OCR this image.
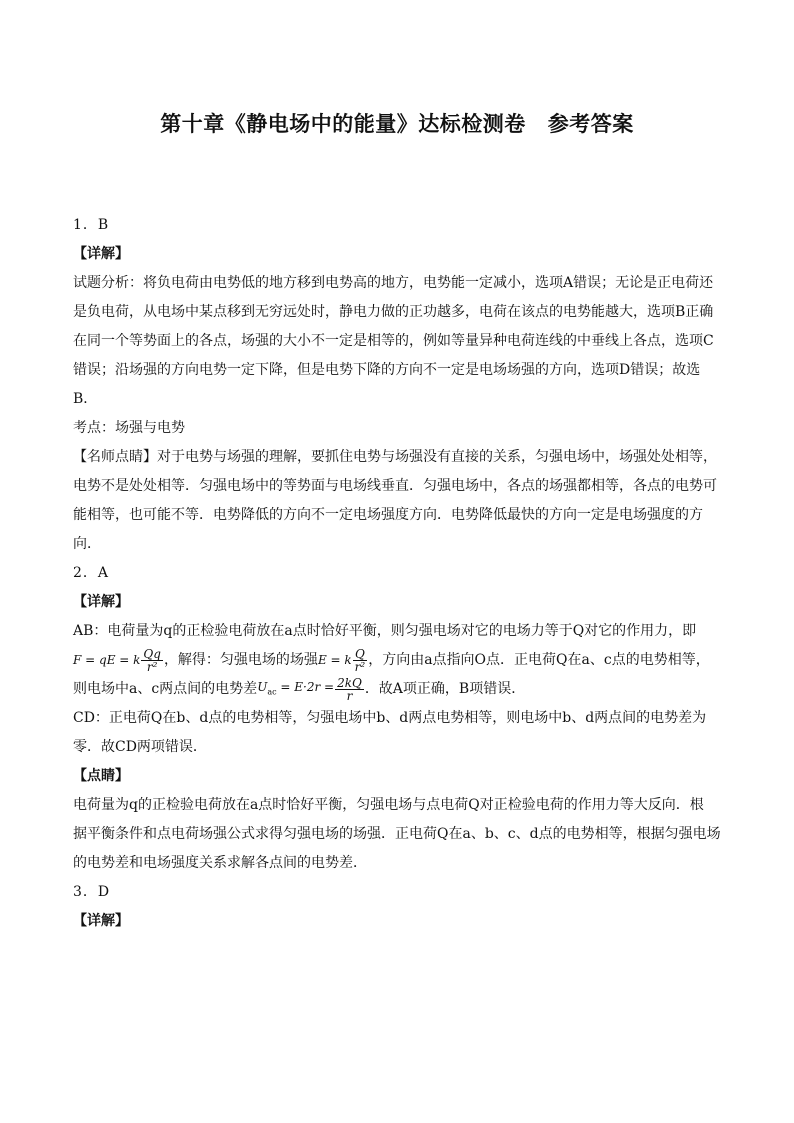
第十章《静电场中的能量》达标检测卷 参考答案

1．B

【详解】

试题分析：将负电荷由电势低的地方移到电势高的地方，电势能一定减小，选项A错误；无论是正电荷还

是负电荷，从电场中某点移到无穷远处时，静电力做的正功越多，电荷在该点的电势能越大，选项B正确

在同一个等势面上的各点，场强的大小不一定是相等的，例如等量异种电荷连线的中垂线上各点，选项C

错误；沿场强的方向电势一定下降，但是电势下降的方向不一定是电场场强的方向，选项D错误；故选

B．

考点：场强与电势

【名师点睛】对于电势与场强的理解，要抓住电势与场强没有直接的关系，匀强电场中，场强处处相等，

电势不是处处相等．匀强电场中的等势面与电场线垂直．匀强电场中，各点的场强都相等，各点的电势可

能相等，也可能不等．电势降低的方向不一定电场强度方向．电势降低最快的方向一定是电场强度的方

向．

2．A

【详解】

AB：电荷量为q的正检验电荷放在a点时恰好平衡，则匀强电场对它的电场力等于Q对它的作用力，即

F = qE = k $\frac{Qq}{\text{r²}}$ ，解得：匀强电场的场强E = k $\frac{Q}{\text{r²}}$ ，方向由a点指向O点．正电荷Q在a、c点的电势相等，

则电场中a、c两点间的电势差$U_{ac} = E\cdot 2r = \frac{2kQ}{r}$ ．故A项正确，B项错误．

CD：正电荷Q在b、d点的电势相等，匀强电场中b、d两点电势相等，则电场中b、d两点间的电势差为

零．故CD两项错误．

【点睛】

电荷量为q的正检验电荷放在a点时恰好平衡，匀强电场与点电荷Q对正检验电荷的作用力等大反向．根

据平衡条件和点电荷场强公式求得匀强电场的场强．正电荷Q在a、b、c、d点的电势相等，根据匀强电场

的电势差和电场强度关系求解各点间的电势差．

3．D

【详解】
